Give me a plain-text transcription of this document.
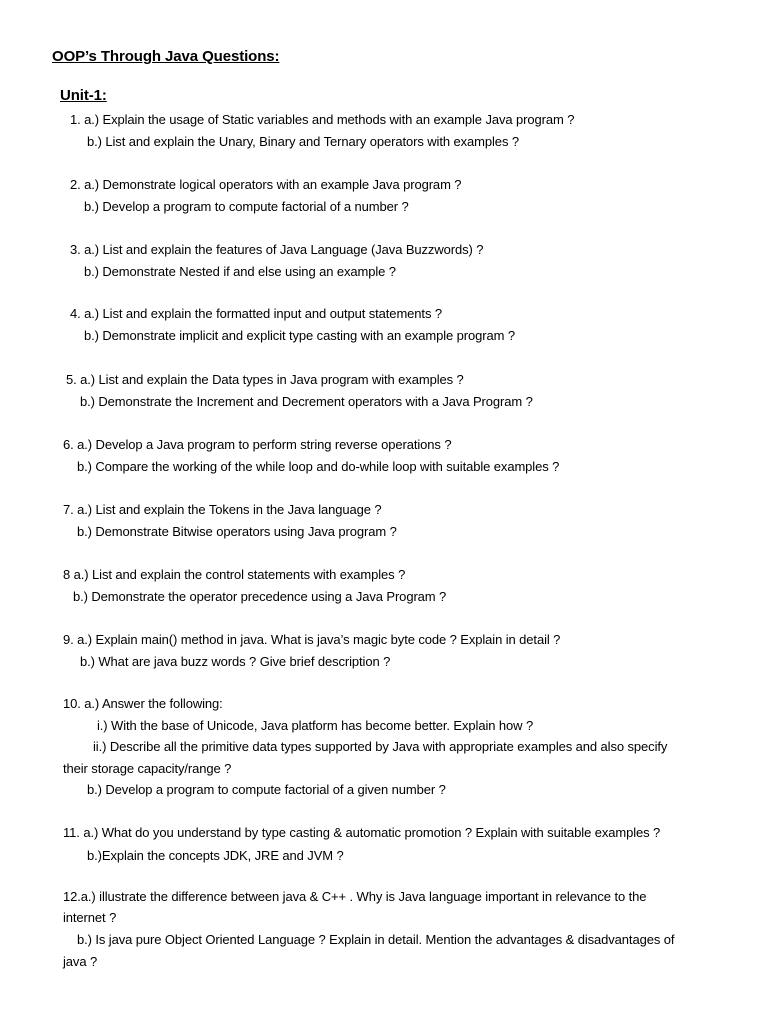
OOP’s Through Java Questions:
Unit-1:
1. a.) Explain the usage of Static variables and methods with an example Java program ?
b.) List and explain the Unary, Binary and Ternary operators with examples ?
2. a.) Demonstrate logical operators with an example Java program ?
b.) Develop a program to compute factorial of a number ?
3. a.) List and explain the features of Java Language (Java Buzzwords) ?
b.) Demonstrate Nested if and else using an example ?
4. a.) List and explain the formatted input and output statements ?
b.) Demonstrate implicit and explicit type casting with an example program ?
5. a.) List and explain the Data types in Java program with examples ?
b.) Demonstrate the Increment and Decrement operators with a Java Program ?
6. a.) Develop a Java program to perform string reverse operations ?
b.) Compare the working of the while loop and do-while loop with suitable examples ?
7. a.) List and explain the Tokens in the Java language ?
b.) Demonstrate Bitwise operators using Java program ?
8 a.) List and explain the control statements with examples ?
b.) Demonstrate the operator precedence using a Java Program ?
9. a.) Explain main() method in java. What is java’s magic byte code ? Explain in detail ?
b.) What are java buzz words ? Give brief description ?
10. a.) Answer the following:
i.) With the base of Unicode, Java platform has become better. Explain how ?
ii.) Describe all the primitive data types supported by Java with appropriate examples and also specify
their storage capacity/range ?
b.) Develop a program to compute factorial of a given number ?
11. a.) What do you understand by type casting & automatic promotion ? Explain with suitable examples ?
b.)Explain the concepts JDK, JRE and JVM ?
12.a.) illustrate the difference between java & C++ . Why is Java language important in relevance to the
internet ?
b.) Is java pure Object Oriented Language ? Explain in detail. Mention the advantages & disadvantages of
java ?
